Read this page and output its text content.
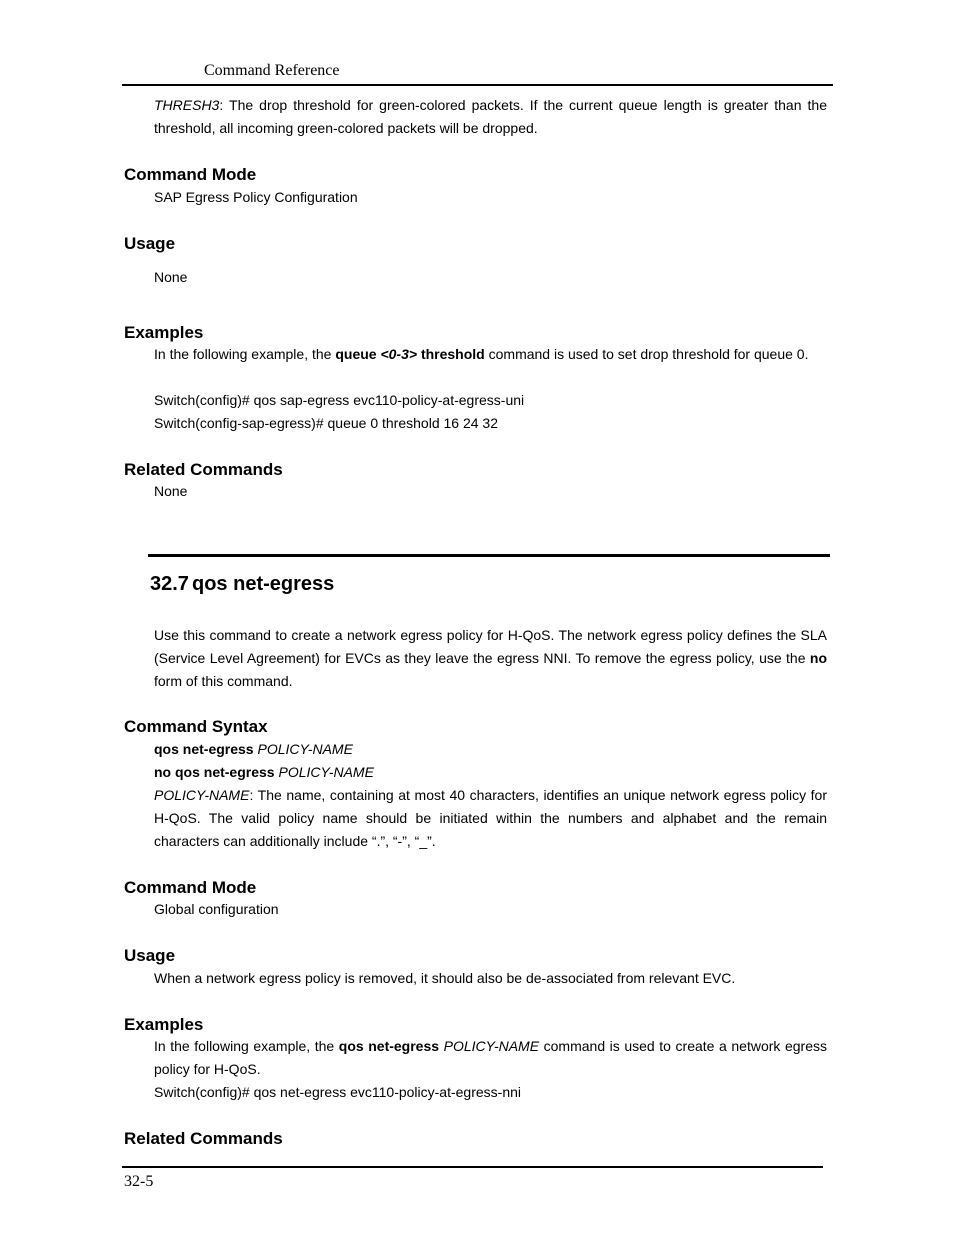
Command Reference
THRESH3: The drop threshold for green-colored packets. If the current queue length is greater than the threshold, all incoming green-colored packets will be dropped.
Command Mode
SAP Egress Policy Configuration
Usage
None
Examples
In the following example, the queue <0-3> threshold command is used to set drop threshold for queue 0.
Switch(config)# qos sap-egress evc110-policy-at-egress-uni
Switch(config-sap-egress)# queue 0 threshold 16 24 32
Related Commands
None
32.7 qos net-egress
Use this command to create a network egress policy for H-QoS. The network egress policy defines the SLA (Service Level Agreement) for EVCs as they leave the egress NNI. To remove the egress policy, use the no form of this command.
Command Syntax
qos net-egress POLICY-NAME
no qos net-egress POLICY-NAME
POLICY-NAME: The name, containing at most 40 characters, identifies an unique network egress policy for H-QoS. The valid policy name should be initiated within the numbers and alphabet and the remain characters can additionally include “.”, “-”, “_”.
Command Mode
Global configuration
Usage
When a network egress policy is removed, it should also be de-associated from relevant EVC.
Examples
In the following example, the qos net-egress POLICY-NAME command is used to create a network egress policy for H-QoS.
Switch(config)# qos net-egress evc110-policy-at-egress-nni
Related Commands
32-5
